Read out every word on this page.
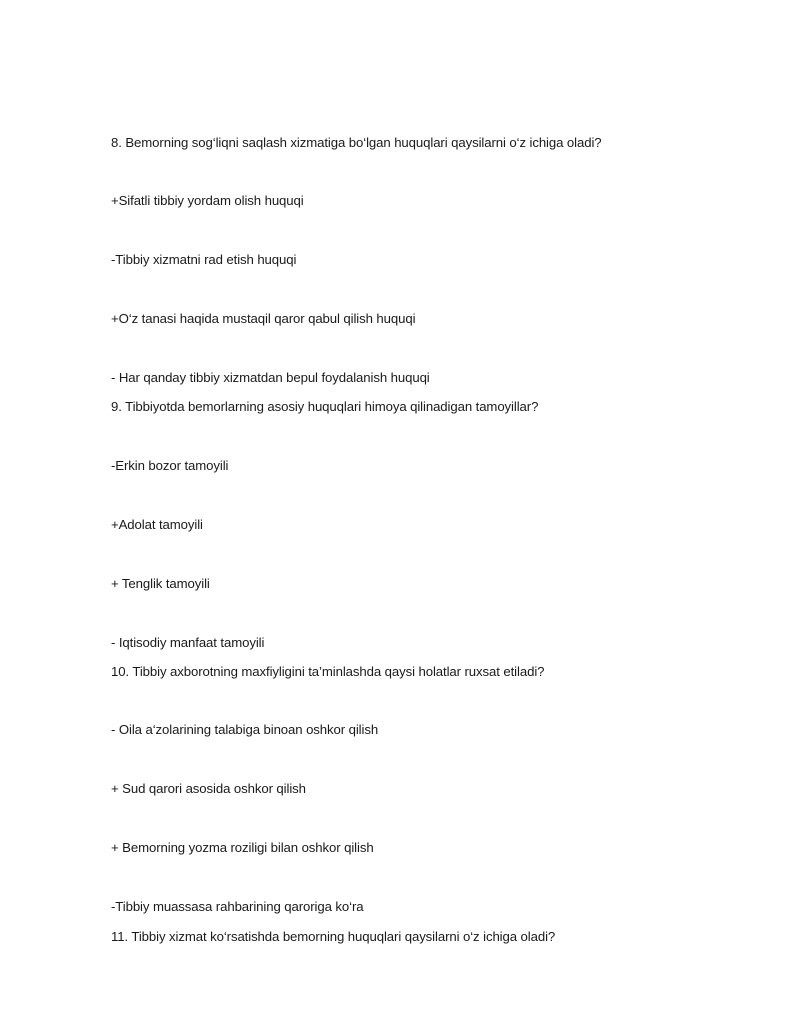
8. Bemorning sog‘liqni saqlash xizmatiga bo‘lgan huquqlari qaysilarni o‘z ichiga oladi?
+Sifatli tibbiy yordam olish huquqi
-Tibbiy xizmatni rad etish huquqi
+O‘z tanasi haqida mustaqil qaror qabul qilish huquqi
- Har qanday tibbiy xizmatdan bepul foydalanish huquqi
9. Tibbiyotda bemorlarning asosiy huquqlari himoya qilinadigan tamoyillar?
-Erkin bozor tamoyili
+Adolat tamoyili
+ Tenglik tamoyili
- Iqtisodiy manfaat tamoyili
10. Tibbiy axborotning maxfiyligini ta’minlashda qaysi holatlar ruxsat etiladi?
- Oila a‘zolarining talabiga binoan oshkor qilish
+ Sud qarori asosida oshkor qilish
+ Bemorning yozma roziligi bilan oshkor qilish
-Tibbiy muassasa rahbarining qaroriga ko‘ra
11. Tibbiy xizmat ko‘rsatishda bemorning huquqlari qaysilarni o‘z ichiga oladi?
